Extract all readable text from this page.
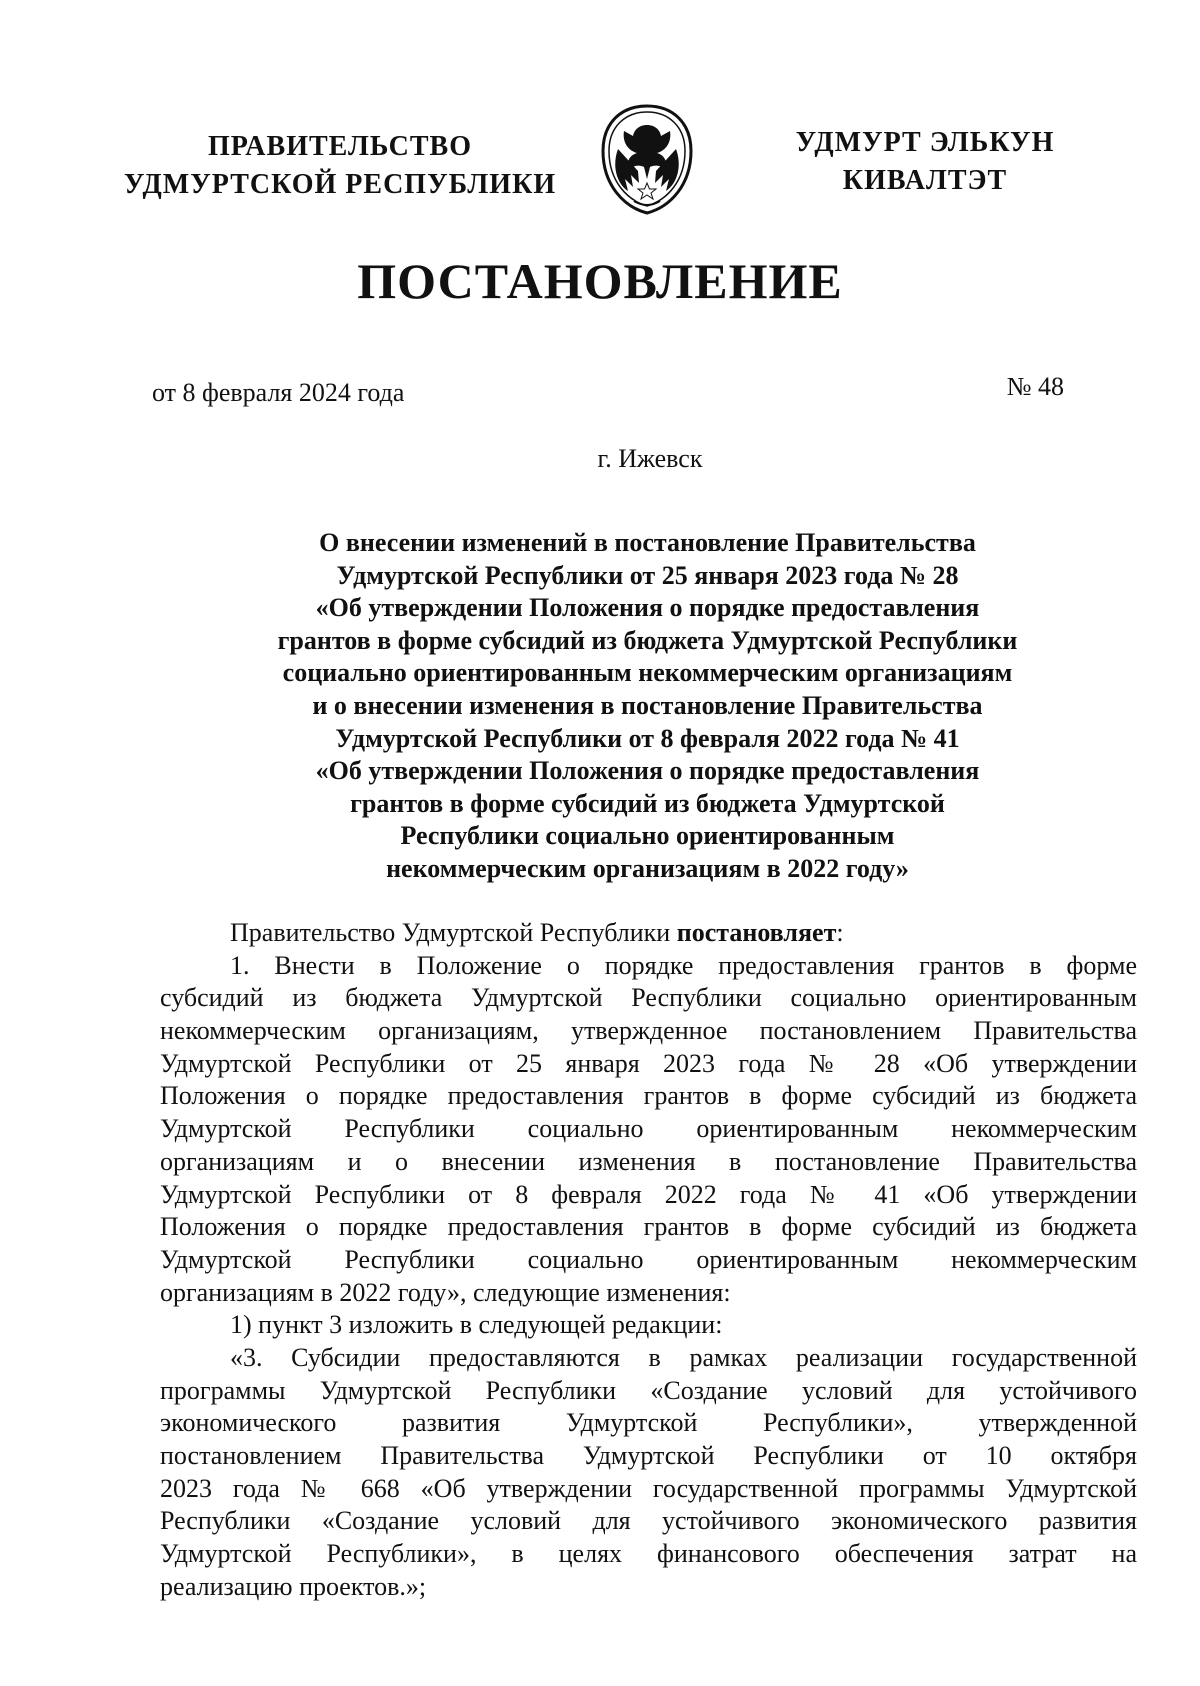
ПРАВИТЕЛЬСТВО
УДМУРТСКОЙ РЕСПУБЛИКИ
УДМУРТ ЭЛЬКУН
КИВАЛТЭТ
ПОСТАНОВЛЕНИЕ
от 8 февраля 2024 года	№ 48
г. Ижевск
О внесении изменений в постановление Правительства
Удмуртской Республики от 25 января 2023 года № 28
«Об утверждении Положения о порядке предоставления
грантов в форме субсидий из бюджета Удмуртской Республики
социально ориентированным некоммерческим организациям
и о внесении изменения в постановление Правительства
Удмуртской Республики от 8 февраля 2022 года № 41
«Об утверждении Положения о порядке предоставления
грантов в форме субсидий из бюджета Удмуртской
Республики социально ориентированным
некоммерческим организациям в 2022 году»
Правительство Удмуртской Республики постановляет:
1. Внести в Положение о порядке предоставления грантов в форме
субсидий из бюджета Удмуртской Республики социально ориентированным
некоммерческим организациям, утвержденное постановлением Правительства
Удмуртской Республики от 25 января 2023 года № 28 «Об утверждении
Положения о порядке предоставления грантов в форме субсидий из бюджета
Удмуртской Республики социально ориентированным некоммерческим
организациям и о внесении изменения в постановление Правительства
Удмуртской Республики от 8 февраля 2022 года № 41 «Об утверждении
Положения о порядке предоставления грантов в форме субсидий из бюджета
Удмуртской Республики социально ориентированным некоммерческим
организациям в 2022 году», следующие изменения:
1) пункт 3 изложить в следующей редакции:
«3. Субсидии предоставляются в рамках реализации государственной
программы Удмуртской Республики «Создание условий для устойчивого
экономического развития Удмуртской Республики», утвержденной
постановлением Правительства Удмуртской Республики от 10 октября
2023 года № 668 «Об утверждении государственной программы Удмуртской
Республики «Создание условий для устойчивого экономического развития
Удмуртской Республики», в целях финансового обеспечения затрат на
реализацию проектов.»;
